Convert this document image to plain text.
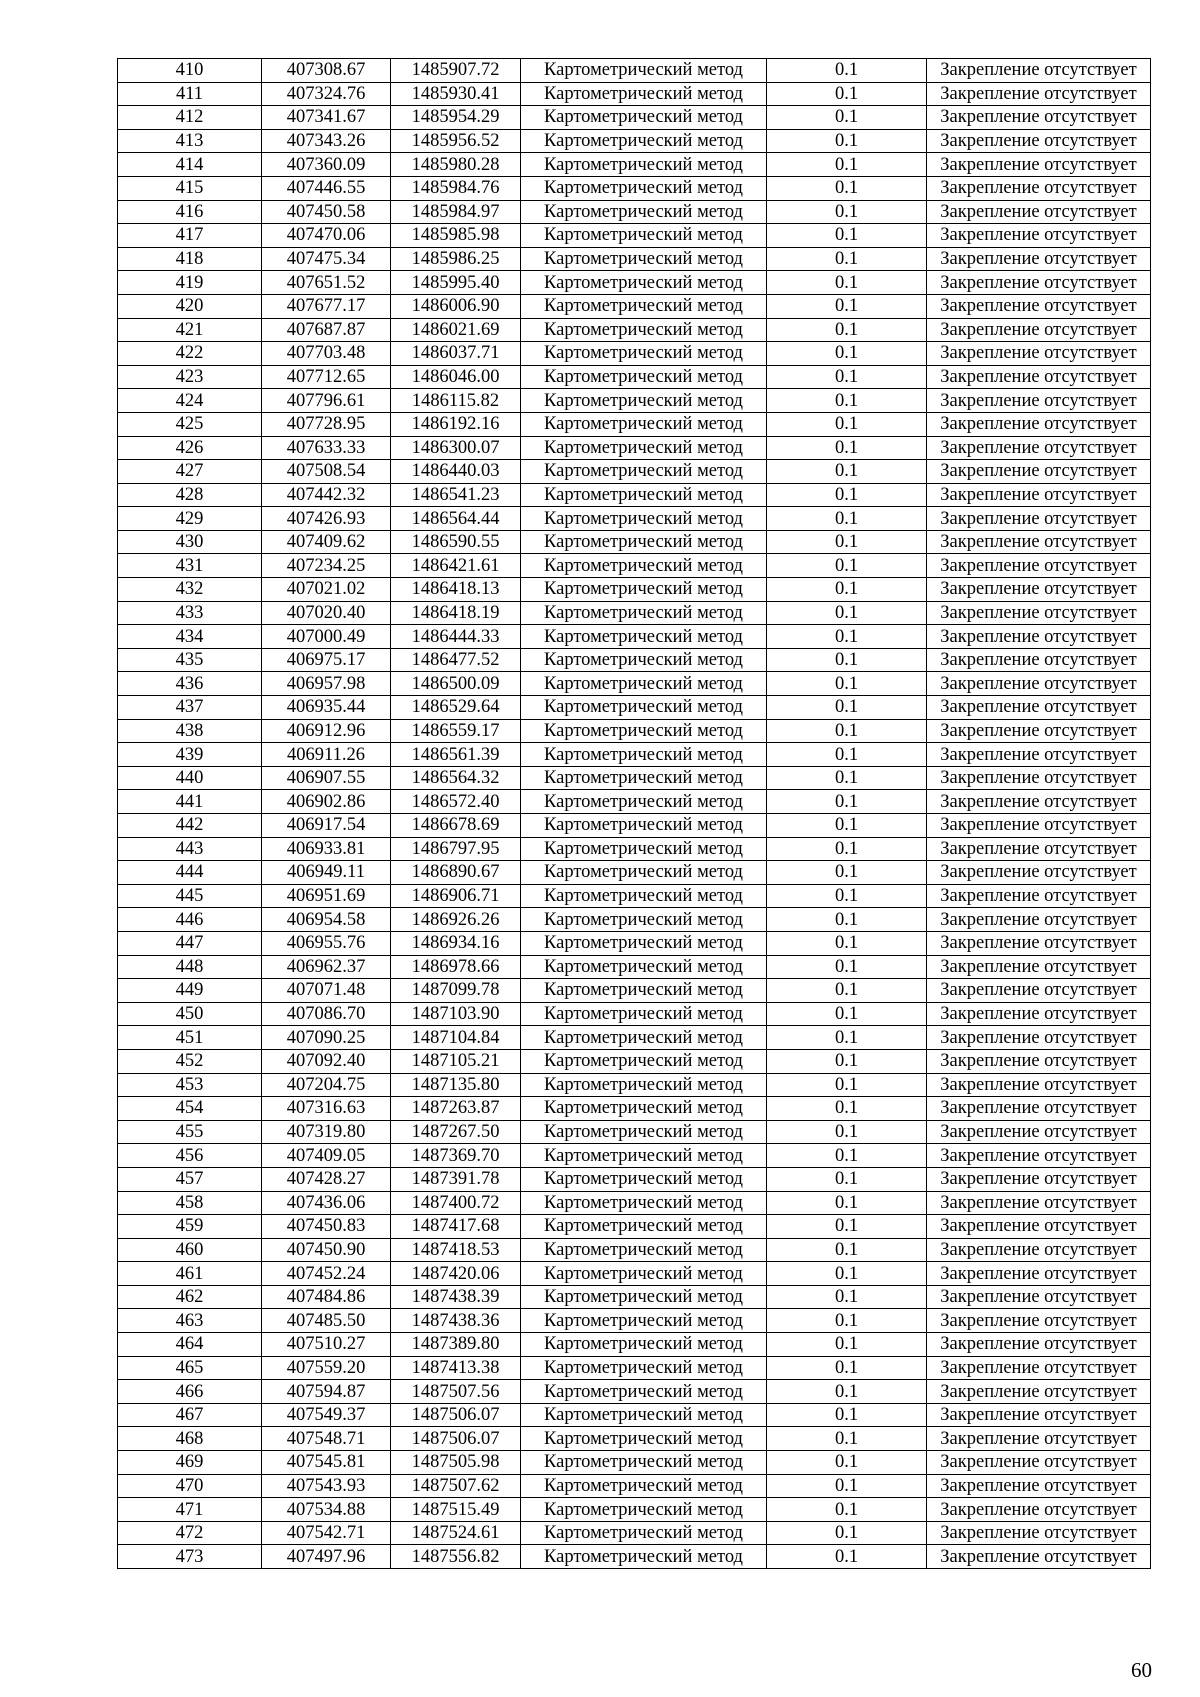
410	407308.67	1485907.72	Картометрический метод	0.1	Закрепление отсутствует
411	407324.76	1485930.41	Картометрический метод	0.1	Закрепление отсутствует
412	407341.67	1485954.29	Картометрический метод	0.1	Закрепление отсутствует
413	407343.26	1485956.52	Картометрический метод	0.1	Закрепление отсутствует
414	407360.09	1485980.28	Картометрический метод	0.1	Закрепление отсутствует
415	407446.55	1485984.76	Картометрический метод	0.1	Закрепление отсутствует
416	407450.58	1485984.97	Картометрический метод	0.1	Закрепление отсутствует
417	407470.06	1485985.98	Картометрический метод	0.1	Закрепление отсутствует
418	407475.34	1485986.25	Картометрический метод	0.1	Закрепление отсутствует
419	407651.52	1485995.40	Картометрический метод	0.1	Закрепление отсутствует
420	407677.17	1486006.90	Картометрический метод	0.1	Закрепление отсутствует
421	407687.87	1486021.69	Картометрический метод	0.1	Закрепление отсутствует
422	407703.48	1486037.71	Картометрический метод	0.1	Закрепление отсутствует
423	407712.65	1486046.00	Картометрический метод	0.1	Закрепление отсутствует
424	407796.61	1486115.82	Картометрический метод	0.1	Закрепление отсутствует
425	407728.95	1486192.16	Картометрический метод	0.1	Закрепление отсутствует
426	407633.33	1486300.07	Картометрический метод	0.1	Закрепление отсутствует
427	407508.54	1486440.03	Картометрический метод	0.1	Закрепление отсутствует
428	407442.32	1486541.23	Картометрический метод	0.1	Закрепление отсутствует
429	407426.93	1486564.44	Картометрический метод	0.1	Закрепление отсутствует
430	407409.62	1486590.55	Картометрический метод	0.1	Закрепление отсутствует
431	407234.25	1486421.61	Картометрический метод	0.1	Закрепление отсутствует
432	407021.02	1486418.13	Картометрический метод	0.1	Закрепление отсутствует
433	407020.40	1486418.19	Картометрический метод	0.1	Закрепление отсутствует
434	407000.49	1486444.33	Картометрический метод	0.1	Закрепление отсутствует
435	406975.17	1486477.52	Картометрический метод	0.1	Закрепление отсутствует
436	406957.98	1486500.09	Картометрический метод	0.1	Закрепление отсутствует
437	406935.44	1486529.64	Картометрический метод	0.1	Закрепление отсутствует
438	406912.96	1486559.17	Картометрический метод	0.1	Закрепление отсутствует
439	406911.26	1486561.39	Картометрический метод	0.1	Закрепление отсутствует
440	406907.55	1486564.32	Картометрический метод	0.1	Закрепление отсутствует
441	406902.86	1486572.40	Картометрический метод	0.1	Закрепление отсутствует
442	406917.54	1486678.69	Картометрический метод	0.1	Закрепление отсутствует
443	406933.81	1486797.95	Картометрический метод	0.1	Закрепление отсутствует
444	406949.11	1486890.67	Картометрический метод	0.1	Закрепление отсутствует
445	406951.69	1486906.71	Картометрический метод	0.1	Закрепление отсутствует
446	406954.58	1486926.26	Картометрический метод	0.1	Закрепление отсутствует
447	406955.76	1486934.16	Картометрический метод	0.1	Закрепление отсутствует
448	406962.37	1486978.66	Картометрический метод	0.1	Закрепление отсутствует
449	407071.48	1487099.78	Картометрический метод	0.1	Закрепление отсутствует
450	407086.70	1487103.90	Картометрический метод	0.1	Закрепление отсутствует
451	407090.25	1487104.84	Картометрический метод	0.1	Закрепление отсутствует
452	407092.40	1487105.21	Картометрический метод	0.1	Закрепление отсутствует
453	407204.75	1487135.80	Картометрический метод	0.1	Закрепление отсутствует
454	407316.63	1487263.87	Картометрический метод	0.1	Закрепление отсутствует
455	407319.80	1487267.50	Картометрический метод	0.1	Закрепление отсутствует
456	407409.05	1487369.70	Картометрический метод	0.1	Закрепление отсутствует
457	407428.27	1487391.78	Картометрический метод	0.1	Закрепление отсутствует
458	407436.06	1487400.72	Картометрический метод	0.1	Закрепление отсутствует
459	407450.83	1487417.68	Картометрический метод	0.1	Закрепление отсутствует
460	407450.90	1487418.53	Картометрический метод	0.1	Закрепление отсутствует
461	407452.24	1487420.06	Картометрический метод	0.1	Закрепление отсутствует
462	407484.86	1487438.39	Картометрический метод	0.1	Закрепление отсутствует
463	407485.50	1487438.36	Картометрический метод	0.1	Закрепление отсутствует
464	407510.27	1487389.80	Картометрический метод	0.1	Закрепление отсутствует
465	407559.20	1487413.38	Картометрический метод	0.1	Закрепление отсутствует
466	407594.87	1487507.56	Картометрический метод	0.1	Закрепление отсутствует
467	407549.37	1487506.07	Картометрический метод	0.1	Закрепление отсутствует
468	407548.71	1487506.07	Картометрический метод	0.1	Закрепление отсутствует
469	407545.81	1487505.98	Картометрический метод	0.1	Закрепление отсутствует
470	407543.93	1487507.62	Картометрический метод	0.1	Закрепление отсутствует
471	407534.88	1487515.49	Картометрический метод	0.1	Закрепление отсутствует
472	407542.71	1487524.61	Картометрический метод	0.1	Закрепление отсутствует
473	407497.96	1487556.82	Картометрический метод	0.1	Закрепление отсутствует
60
